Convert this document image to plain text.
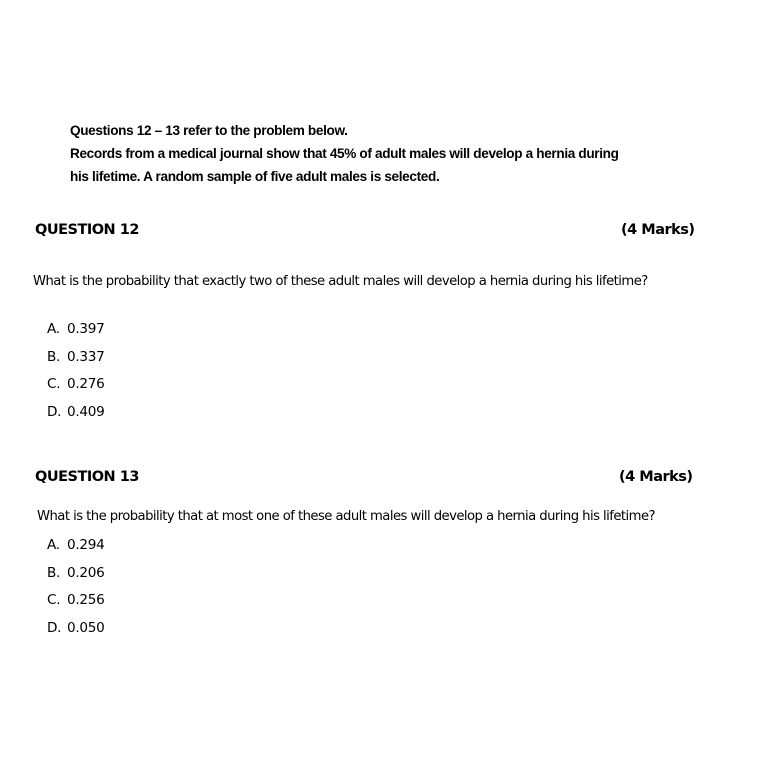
Questions 12 – 13 refer to the problem below.
Records from a medical journal show that 45% of adult males will develop a hernia during
his lifetime. A random sample of five adult males is selected.
QUESTION 12	(4 Marks)
What is the probability that exactly two of these adult males will develop a hernia during his lifetime?
A. 0.397
B. 0.337
C. 0.276
D. 0.409
QUESTION 13	(4 Marks)
What is the probability that at most one of these adult males will develop a hernia during his lifetime?
A. 0.294
B. 0.206
C. 0.256
D. 0.050
